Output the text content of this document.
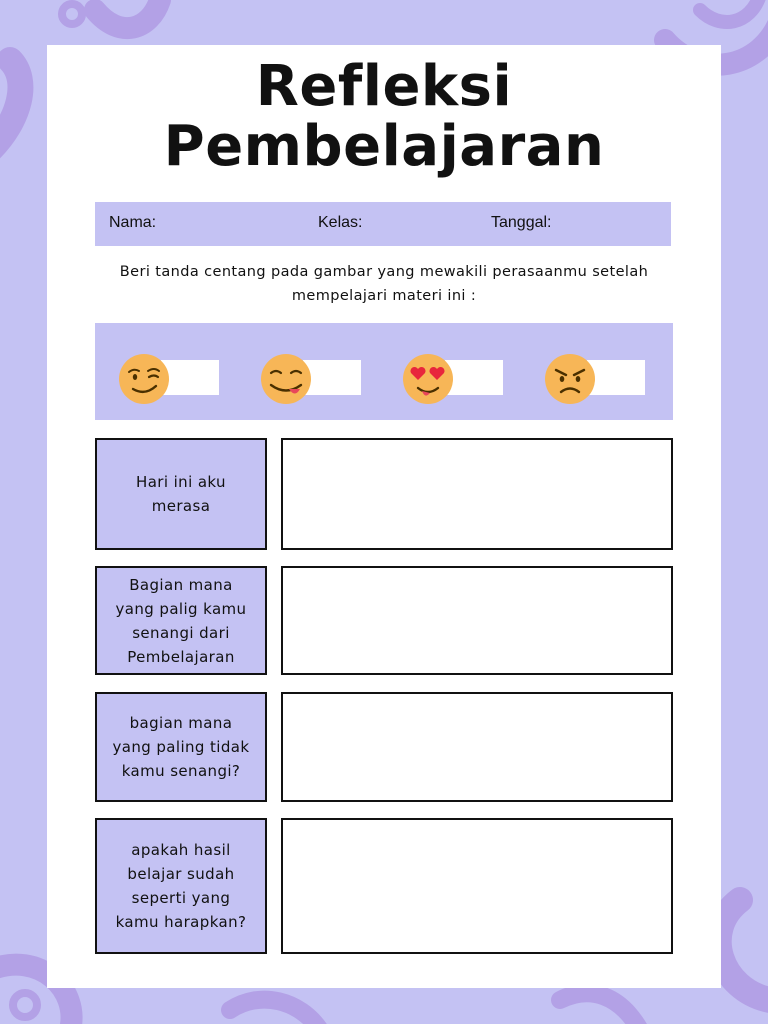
Refleksi
Pembelajaran
Nama:	Kelas:	Tanggal:

Beri tanda centang pada gambar yang mewakili perasaanmu setelah mempelajari materi ini :

Hari ini aku merasa
Bagian mana yang palig kamu senangi dari Pembelajaran
bagian mana yang paling tidak kamu senangi?
apakah hasil belajar sudah seperti yang kamu harapkan?
